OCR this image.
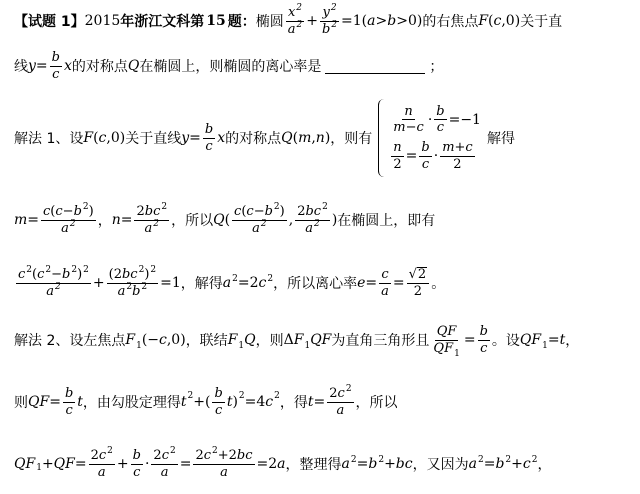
【试题 1】 2015 年浙江文科第 15 题： 椭圆 $\frac{x^2}{a^2} + \frac{y^2}{b^2} =1$( a > b >0) 的右焦点 F ( c ,0) 关于直
线 $y = \frac{b}{c}$ x 的对称点 Q 在椭圆上，则椭圆的离心率是	；
解法 1、设 F(c,0) 关于直线 $y = \frac{b}{c}$ x 的对称点 Q(m,n) ，则有
$\frac{n}{m-c} \cdot \frac{b}{c} =-1$
$\frac{n}{2} = \frac{b}{c} \cdot \frac{m+c}{2}$
解得
$m = \frac{c(c-b^2)}{a^2}$ ， $n = \frac{2bc^2}{a^2}$ ，所以 Q ( $\frac{c(c-b^2)}{a^2}$ , $\frac{2bc^2}{a^2}$ ) 在椭圆上，即有
$\frac{c^2(c^2-b^2)^2}{a^2} + \frac{(2bc^2)^2}{a^2b^2} =1$ ，解得 $a^2=2c^2$ ，所以离心率 $e = \frac{c}{a} = \frac{√ 2}{2}$ 。
解法 2、设左焦点 $F_1(-c,0)$ ，联结 $F_1Q$ ，则 $\Delta F_1QF$ 为直角三角形且 $\frac{QF}{QF_1} = \frac{b}{c}$ 。设 $QF_1=t$ ，
则 QF = $\frac{b}{c}$ t ，由勾股定理得 t 2 +( $\frac{b}{c}$ t ) 2 =4 c 2 ，得 $t = \frac{2c^2}{a}$ ，所以
QF 1 + QF = $\frac{2c^2}{a} + \frac{b}{c} \cdot \frac{2c^2}{a} = \frac{2c^2+2bc}{a} =2$ a ，整理得 $a^2=b^2+bc$ ，又因为 $a^2=b^2+c^2$ ，
